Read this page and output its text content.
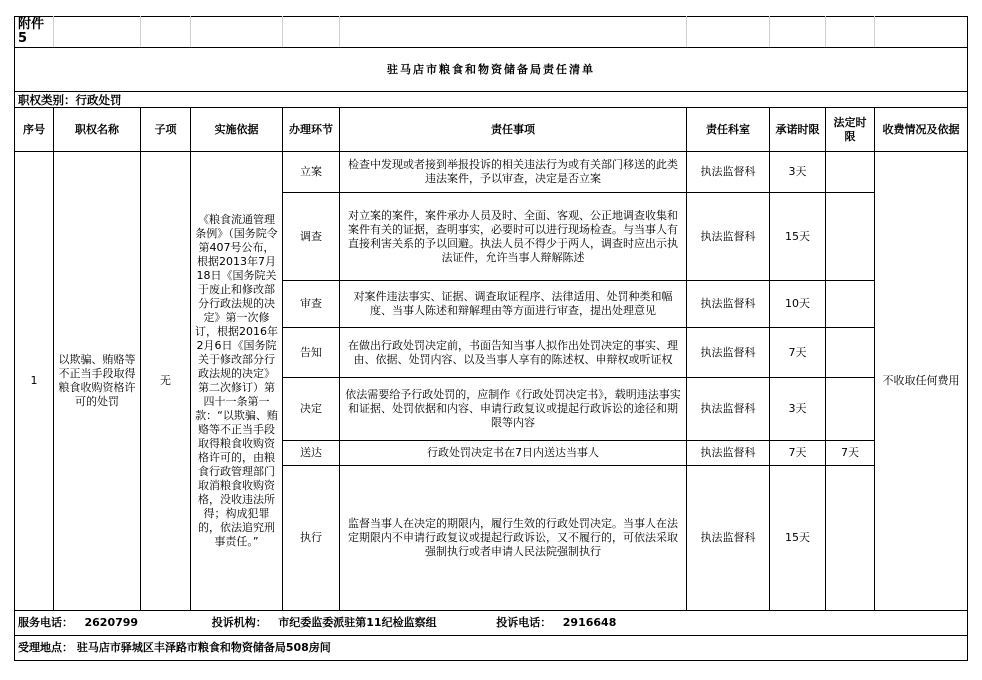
附件5									
驻马店市粮食和物资储备局责任清单									
职权类别：行政处罚									
序号	职权名称	子项	实施依据	办理环节	责任事项	责任科室	承诺时限	法定时限	收费情况及依据
1	以欺骗、贿赂等不正当手段取得粮食收购资格许可的处罚	无	《粮食流通管理条例》（国务院令第407号公布，根据2013年7月18日《国务院关于废止和修改部分行政法规的决定》第一次修订，根据2016年2月6日《国务院关于修改部分行政法规的决定》第二次修订）第四十一条第一款：“以欺骗、贿赂等不正当手段取得粮食收购资格许可的，由粮食行政管理部门取消粮食收购资格，没收违法所得；构成犯罪的，依法追究刑事责任。”	立案	检查中发现或者接到举报投诉的相关违法行为或有关部门移送的此类违法案件，予以审查，决定是否立案	执法监督科	3天		不收取任何费用
				调查	对立案的案件，案件承办人员及时、全面、客观、公正地调查收集和案件有关的证据，查明事实，必要时可以进行现场检查。与当事人有直接利害关系的予以回避。执法人员不得少于两人，调查时应出示执法证件，允许当事人辩解陈述	执法监督科	15天		
				审查	对案件违法事实、证据、调查取证程序、法律适用、处罚种类和幅度、当事人陈述和辩解理由等方面进行审查，提出处理意见	执法监督科	10天		
				告知	在做出行政处罚决定前，书面告知当事人拟作出处罚决定的事实、理由、依据、处罚内容、以及当事人享有的陈述权、申辩权或听证权	执法监督科	7天		
				决定	依法需要给予行政处罚的，应制作《行政处罚决定书》，载明违法事实和证据、处罚依据和内容、申请行政复议或提起行政诉讼的途径和期限等内容	执法监督科	3天		
				送达	行政处罚决定书在7日内送达当事人	执法监督科	7天	7天	
				执行	监督当事人在决定的期限内，履行生效的行政处罚决定。当事人在法定期限内不申请行政复议或提起行政诉讼，又不履行的，可依法采取强制执行或者申请人民法院强制执行	执法监督科	15天		
服务电话： 2620799 投诉机构： 市纪委监委派驻第11纪检监察组 投诉电话： 2916648									
受理地点： 驻马店市驿城区丰泽路市粮食和物资储备局508房间									
